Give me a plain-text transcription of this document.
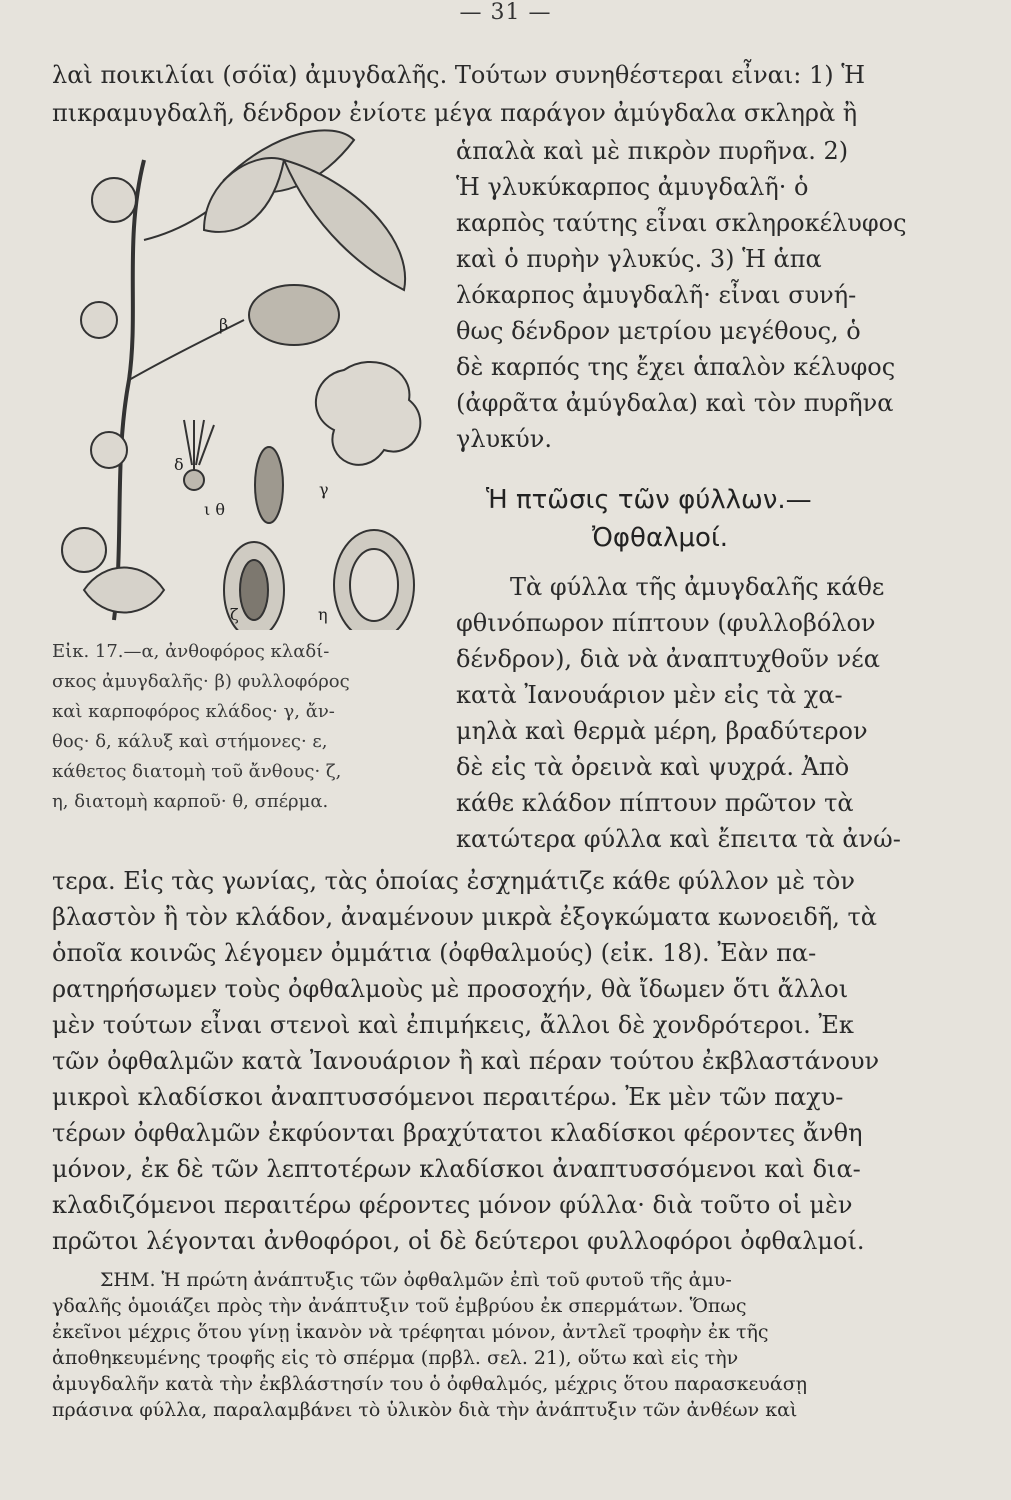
— 31 —
λαὶ ποικιλίαι (σόϊα) ἀμυγδαλῆς. Τούτων συνηθέστεραι εἶναι: 1) Ἡ
πικραμυγδαλῆ, δένδρον ἐνίοτε μέγα παράγον ἀμύγδαλα σκληρὰ ἢ
β
δ
ι θ
γ
ζ	η
ἁπαλὰ καὶ μὲ πικρὸν πυρῆνα. 2)
Ἡ γλυκύκαρπος ἀμυγδαλῆ· ὁ
καρπὸς ταύτης εἶναι σκληροκέλυφος
καὶ ὁ πυρὴν γλυκύς. 3) Ἡ ἁπα
λόκαρπος ἀμυγδαλῆ· εἶναι συνή-
θως δένδρον μετρίου μεγέθους, ὁ
δὲ καρπός της ἔχει ἁπαλὸν κέλυφος
(ἀφρᾶτα ἀμύγδαλα) καὶ τὸν πυρῆνα
γλυκύν.
Ἡ πτῶσις τῶν φύλλων.—
Ὀφθαλμοί.
Τὰ φύλλα τῆς ἀμυγδαλῆς κάθε
φθινόπωρον πίπτουν (φυλλοβόλον
δένδρον), διὰ νὰ ἀναπτυχθοῦν νέα
κατὰ Ἰανουάριον μὲν εἰς τὰ χα-
μηλὰ καὶ θερμὰ μέρη, βραδύτερον
δὲ εἰς τὰ ὀρεινὰ καὶ ψυχρά. Ἀπὸ
κάθε κλάδον πίπτουν πρῶτον τὰ
κατώτερα φύλλα καὶ ἔπειτα τὰ ἀνώ-
Εἰκ. 17.—α, ἀνθοφόρος κλαδί-
σκος ἀμυγδαλῆς· β) φυλλοφόρος
καὶ καρποφόρος κλάδος· γ, ἄν-
θος· δ, κάλυξ καὶ στήμονες· ε,
κάθετος διατομὴ τοῦ ἄνθους· ζ,
η, διατομὴ καρποῦ· θ, σπέρμα.
τερα. Εἰς τὰς γωνίας, τὰς ὁποίας ἐσχημάτιζε κάθε φύλλον μὲ τὸν
βλαστὸν ἢ τὸν κλάδον, ἀναμένουν μικρὰ ἐξογκώματα κωνοειδῆ, τὰ
ὁποῖα κοινῶς λέγομεν ὀμμάτια (ὀφθαλμούς) (εἰκ. 18). Ἐὰν πα-
ρατηρήσωμεν τοὺς ὀφθαλμοὺς μὲ προσοχήν, θὰ ἴδωμεν ὅτι ἄλλοι
μὲν τούτων εἶναι στενοὶ καὶ ἐπιμήκεις, ἄλλοι δὲ χονδρότεροι. Ἐκ
τῶν ὀφθαλμῶν κατὰ Ἰανουάριον ἢ καὶ πέραν τούτου ἐκβλαστάνουν
μικροὶ κλαδίσκοι ἀναπτυσσόμενοι περαιτέρω. Ἐκ μὲν τῶν παχυ-
τέρων ὀφθαλμῶν ἐκφύονται βραχύτατοι κλαδίσκοι φέροντες ἄνθη
μόνον, ἐκ δὲ τῶν λεπτοτέρων κλαδίσκοι ἀναπτυσσόμενοι καὶ δια-
κλαδιζόμενοι περαιτέρω φέροντες μόνον φύλλα· διὰ τοῦτο οἱ μὲν
πρῶτοι λέγονται ἀνθοφόροι, οἱ δὲ δεύτεροι φυλλοφόροι ὀφθαλμοί.
ΣΗΜ. Ἡ πρώτη ἀνάπτυξις τῶν ὀφθαλμῶν ἐπὶ τοῦ φυτοῦ τῆς ἀμυ-
γδαλῆς ὁμοιάζει πρὸς τὴν ἀνάπτυξιν τοῦ ἐμβρύου ἐκ σπερμάτων. Ὅπως
ἐκεῖνοι μέχρις ὅτου γίνῃ ἱκανὸν νὰ τρέφηται μόνον, ἀντλεῖ τροφὴν ἐκ τῆς
ἀποθηκευμένης τροφῆς εἰς τὸ σπέρμα (πρβλ. σελ. 21), οὕτω καὶ εἰς τὴν
ἀμυγδαλῆν κατὰ τὴν ἐκβλάστησίν του ὁ ὀφθαλμός, μέχρις ὅτου παρασκευάσῃ
πράσινα φύλλα, παραλαμβάνει τὸ ὑλικὸν διὰ τὴν ἀνάπτυξιν τῶν ἀνθέων καὶ
